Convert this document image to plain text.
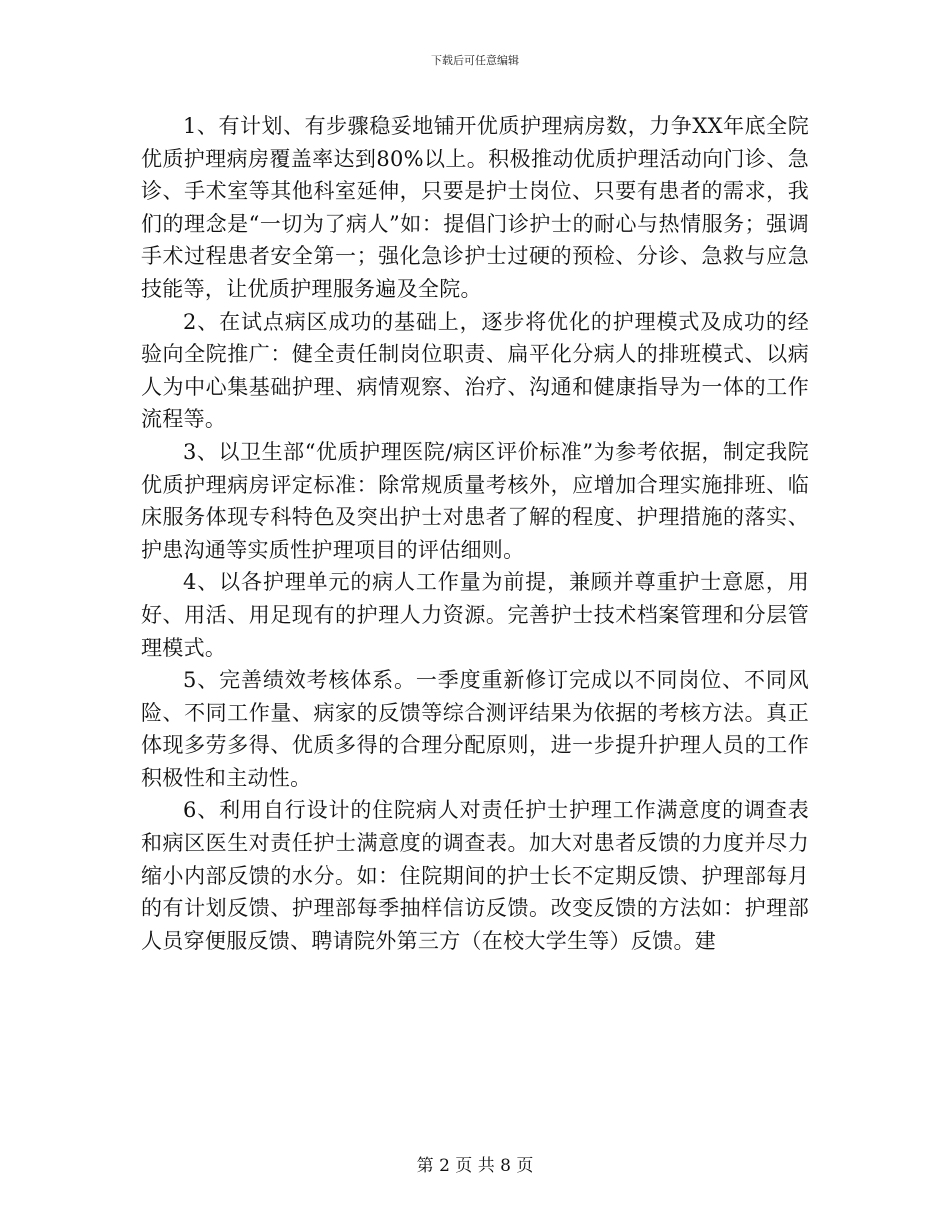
下载后可任意编辑

1、有计划、有步骤稳妥地铺开优质护理病房数，力争XX年底全院优质护理病房覆盖率达到80%以上。积极推动优质护理活动向门诊、急诊、手术室等其他科室延伸，只要是护士岗位、只要有患者的需求，我们的理念是“一切为了病人”如：提倡门诊护士的耐心与热情服务；强调手术过程患者安全第一；强化急诊护士过硬的预检、分诊、急救与应急技能等，让优质护理服务遍及全院。

2、在试点病区成功的基础上，逐步将优化的护理模式及成功的经验向全院推广：健全责任制岗位职责、扁平化分病人的排班模式、以病人为中心集基础护理、病情观察、治疗、沟通和健康指导为一体的工作流程等。

3、以卫生部“优质护理医院/病区评价标准”为参考依据，制定我院优质护理病房评定标准：除常规质量考核外，应增加合理实施排班、临床服务体现专科特色及突出护士对患者了解的程度、护理措施的落实、护患沟通等实质性护理项目的评估细则。

4、以各护理单元的病人工作量为前提，兼顾并尊重护士意愿，用好、用活、用足现有的护理人力资源。完善护士技术档案管理和分层管理模式。

5、完善绩效考核体系。一季度重新修订完成以不同岗位、不同风险、不同工作量、病家的反馈等综合测评结果为依据的考核方法。真正体现多劳多得、优质多得的合理分配原则，进一步提升护理人员的工作积极性和主动性。

6、利用自行设计的住院病人对责任护士护理工作满意度的调查表和病区医生对责任护士满意度的调查表。加大对患者反馈的力度并尽力缩小内部反馈的水分。如：住院期间的护士长不定期反馈、护理部每月的有计划反馈、护理部每季抽样信访反馈。改变反馈的方法如：护理部人员穿便服反馈、聘请院外第三方（在校大学生等）反馈。建

第 2 页 共 8 页
